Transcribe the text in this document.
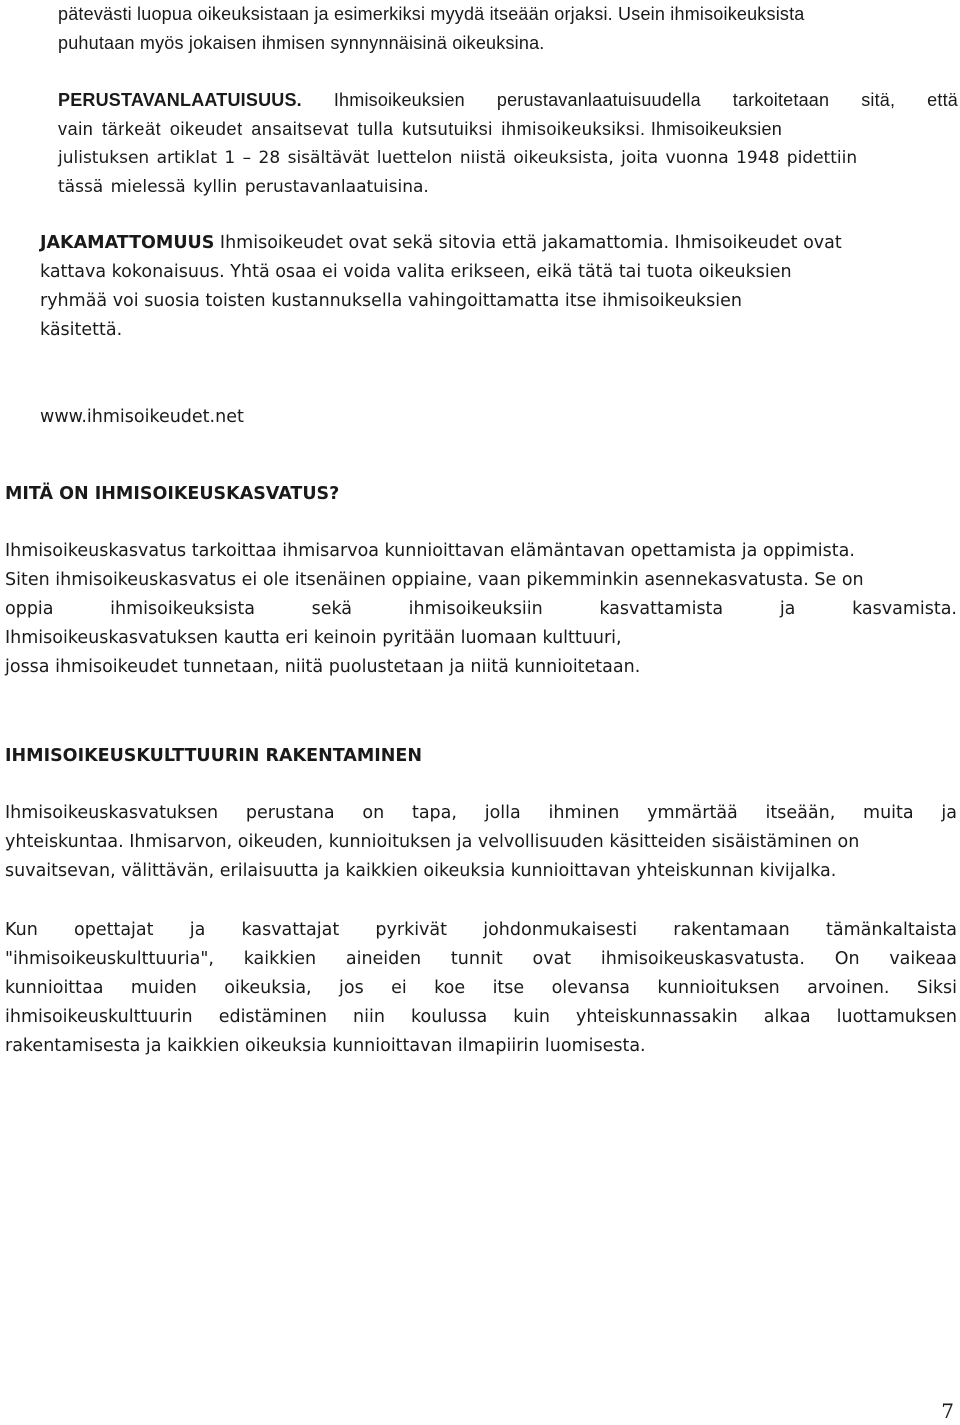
pätevästi luopua oikeuksistaan ja esimerkiksi myydä itseään orjaksi. Usein ihmisoikeuksista
puhutaan myös jokaisen ihmisen synnynnäisinä oikeuksina.

PERUSTAVANLAATUISUUS. Ihmisoikeuksien perustavanlaatuisuudella tarkoitetaan sitä, että
vain tärkeät oikeudet ansaitsevat tulla kutsutuiksi ihmisoikeuksiksi. Ihmisoikeuksien
julistuksen artiklat 1 – 28 sisältävät luettelon niistä oikeuksista, joita vuonna 1948 pidettiin
tässä mielessä kyllin perustavanlaatuisina.

JAKAMATTOMUUS Ihmisoikeudet ovat sekä sitovia että jakamattomia. Ihmisoikeudet ovat
kattava kokonaisuus. Yhtä osaa ei voida valita erikseen, eikä tätä tai tuota oikeuksien
ryhmää voi suosia toisten kustannuksella vahingoittamatta itse ihmisoikeuksien
käsitettä.

www.ihmisoikeudet.net

MITÄ ON IHMISOIKEUSKASVATUS?

Ihmisoikeuskasvatus tarkoittaa ihmisarvoa kunnioittavan elämäntavan opettamista ja oppimista.
Siten ihmisoikeuskasvatus ei ole itsenäinen oppiaine, vaan pikemminkin asennekasvatusta. Se on
oppia ihmisoikeuksista sekä ihmisoikeuksiin kasvattamista ja kasvamista.
Ihmisoikeuskasvatuksen kautta eri keinoin pyritään luomaan kulttuuri,
jossa ihmisoikeudet tunnetaan, niitä puolustetaan ja niitä kunnioitetaan.

IHMISOIKEUSKULTTUURIN RAKENTAMINEN

Ihmisoikeuskasvatuksen perustana on tapa, jolla ihminen ymmärtää itseään, muita ja
yhteiskuntaa. Ihmisarvon, oikeuden, kunnioituksen ja velvollisuuden käsitteiden sisäistäminen on
suvaitsevan, välittävän, erilaisuutta ja kaikkien oikeuksia kunnioittavan yhteiskunnan kivijalka.

Kun opettajat ja kasvattajat pyrkivät johdonmukaisesti rakentamaan tämänkaltaista
"ihmisoikeuskulttuuria", kaikkien aineiden tunnit ovat ihmisoikeuskasvatusta. On vaikeaa
kunnioittaa muiden oikeuksia, jos ei koe itse olevansa kunnioituksen arvoinen. Siksi
ihmisoikeuskulttuurin edistäminen niin koulussa kuin yhteiskunnassakin alkaa luottamuksen
rakentamisesta ja kaikkien oikeuksia kunnioittavan ilmapiirin luomisesta.

7
